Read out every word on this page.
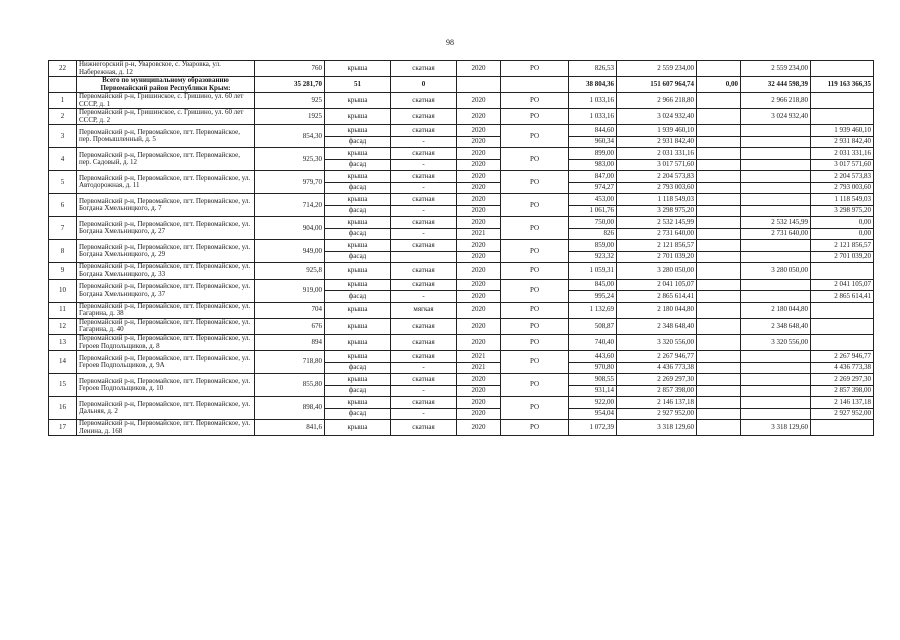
98
22	Нижнегорский р-н, Уваровское, с. Уваровка, ул. Набережная, д. 12	760	крыша	скатная	2020	РО	826,53	2 559 234,00		2 559 234,00	
	Всего по муниципальному образованию Первомайский район Республики Крым:	35 281,70	51	0			38 804,36	151 607 964,74	0,00	32 444 598,39	119 163 366,35
1	Первомайский р-н, Гришинское, с. Гришино, ул. 60 лет СССР, д. 1	925	крыша	скатная	2020	РО	1 033,16	2 966 218,80		2 966 218,80	
2	Первомайский р-н, Гришинское, с. Гришино, ул. 60 лет СССР, д. 2	1925	крыша	скатная	2020	РО	1 033,16	3 024 932,40		3 024 932,40	
3	Первомайский р-н, Первомайское, пгт. Первомайское, пер. Промышленный, д. 5	854,30	крыша	скатная	2020	РО	844,60	1 939 460,10			1 939 460,10
			фасад	-	2020		960,34	2 931 842,40			2 931 842,40
4	Первомайский р-н, Первомайское, пгт. Первомайское, пер. Садовый, д. 12	925,30	крыша	скатная	2020	РО	899,00	2 031 331,16			2 031 331,16
			фасад	-	2020		983,00	3 017 571,60			3 017 571,60
5	Первомайский р-н, Первомайское, пгт. Первомайское, ул. Автодорожная, д. 11	979,70	крыша	скатная	2020	РО	847,00	2 204 573,83			2 204 573,83
			фасад	-	2020		974,27	2 793 003,60			2 793 003,60
6	Первомайский р-н, Первомайское, пгт. Первомайское, ул. Богдана Хмельницкого, д. 7	714,20	крыша	скатная	2020	РО	453,00	1 118 549,03			1 118 549,03
			фасад	-	2020		1 061,76	3 298 975,20			3 298 975,20
7	Первомайский р-н, Первомайское, пгт. Первомайское, ул. Богдана Хмельницкого, д. 27	904,00	крыша	скатная	2020	РО	750,00	2 532 145,99		2 532 145,99	0,00
			фасад	-	2021		826	2 731 640,00		2 731 640,00	0,00
8	Первомайский р-н, Первомайское, пгт. Первомайское, ул. Богдана Хмельницкого, д. 29	949,00	крыша	скатная	2020	РО	859,00	2 121 856,57			2 121 856,57
			фасад		2020		923,32	2 701 039,20			2 701 039,20
9	Первомайский р-н, Первомайское, пгт. Первомайское, ул. Богдана Хмельницкого, д. 33	925,8	крыша	скатная	2020	РО	1 059,31	3 280 050,00		3 280 050,00	
10	Первомайский р-н, Первомайское, пгт. Первомайское, ул. Богдана Хмельницкого, д. 37	919,00	крыша	скатная	2020	РО	845,00	2 041 105,07			2 041 105,07
			фасад	-	2020		995,24	2 865 614,41			2 865 614,41
11	Первомайский р-н, Первомайское, пгт. Первомайское, ул. Гагарина, д. 38	704	крыша	мягкая	2020	РО	1 132,69	2 180 044,80		2 180 044,80	
12	Первомайский р-н, Первомайское, пгт. Первомайское, ул. Гагарина, д. 40	676	крыша	скатная	2020	РО	508,87	2 348 648,40		2 348 648,40	
13	Первомайский р-н, Первомайское, пгт. Первомайское, ул. Героев Подпольщиков, д. 8	894	крыша	скатная	2020	РО	740,40	3 320 556,00		3 320 556,00	
14	Первомайский р-н, Первомайское, пгт. Первомайское, ул. Героев Подпольщиков, д. 9А	718,80	крыша	скатная	2021	РО	443,60	2 267 946,77			2 267 946,77
			фасад	-	2021		970,80	4 436 773,38			4 436 773,38
15	Первомайский р-н, Первомайское, пгт. Первомайское, ул. Героев Подпольщиков, д. 10	855,80	крыша	скатная	2020	РО	908,55	2 269 297,30			2 269 297,30
			фасад	-	2020		931,14	2 857 398,00			2 857 398,00
16	Первомайский р-н, Первомайское, пгт. Первомайское, ул. Дальняя, д. 2	898,40	крыша	скатная	2020	РО	922,00	2 146 137,18			2 146 137,18
			фасад	-	2020		954,04	2 927 952,00			2 927 952,00
17	Первомайский р-н, Первомайское, пгт. Первомайское, ул. Ленина, д. 168	841,6	крыша	скатная	2020	РО	1 072,39	3 318 129,60		3 318 129,60	
